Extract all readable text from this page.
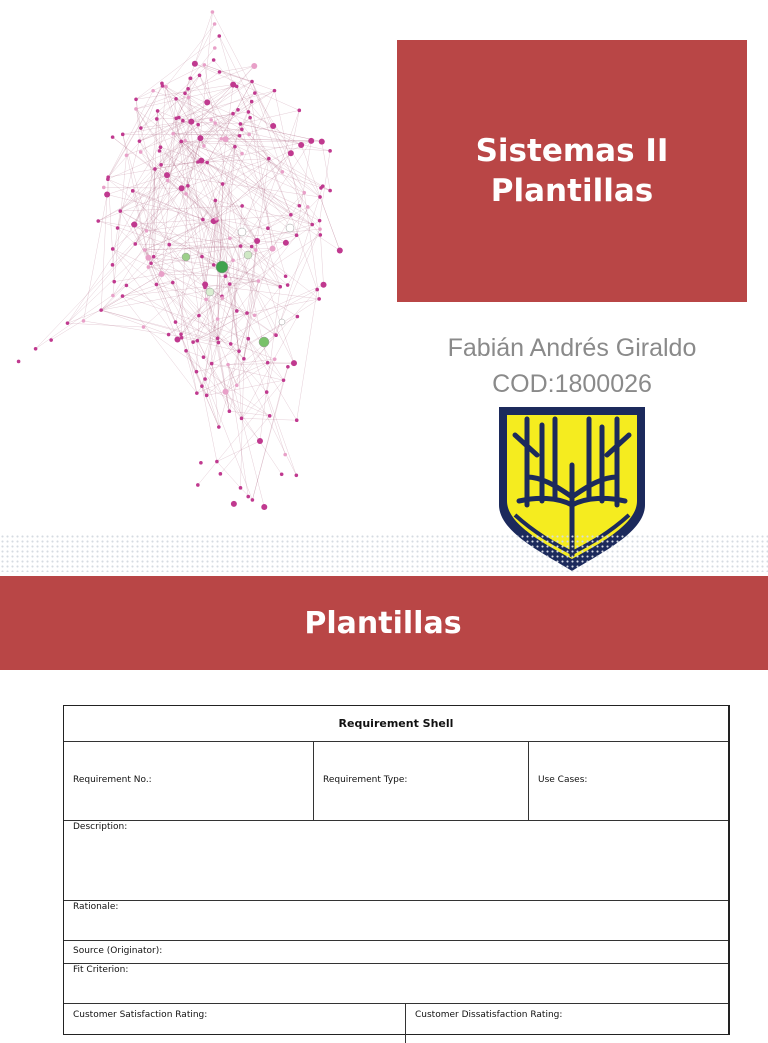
Sistemas II
Plantillas
Fabián Andrés Giraldo
COD:1800026
Plantillas
Requirement Shell
Requirement No.:	Requirement Type:	Use Cases:
Description:
Rationale:
Source (Originator):
Fit Criterion:
Customer Satisfaction Rating:	Customer Dissatisfaction Rating:
